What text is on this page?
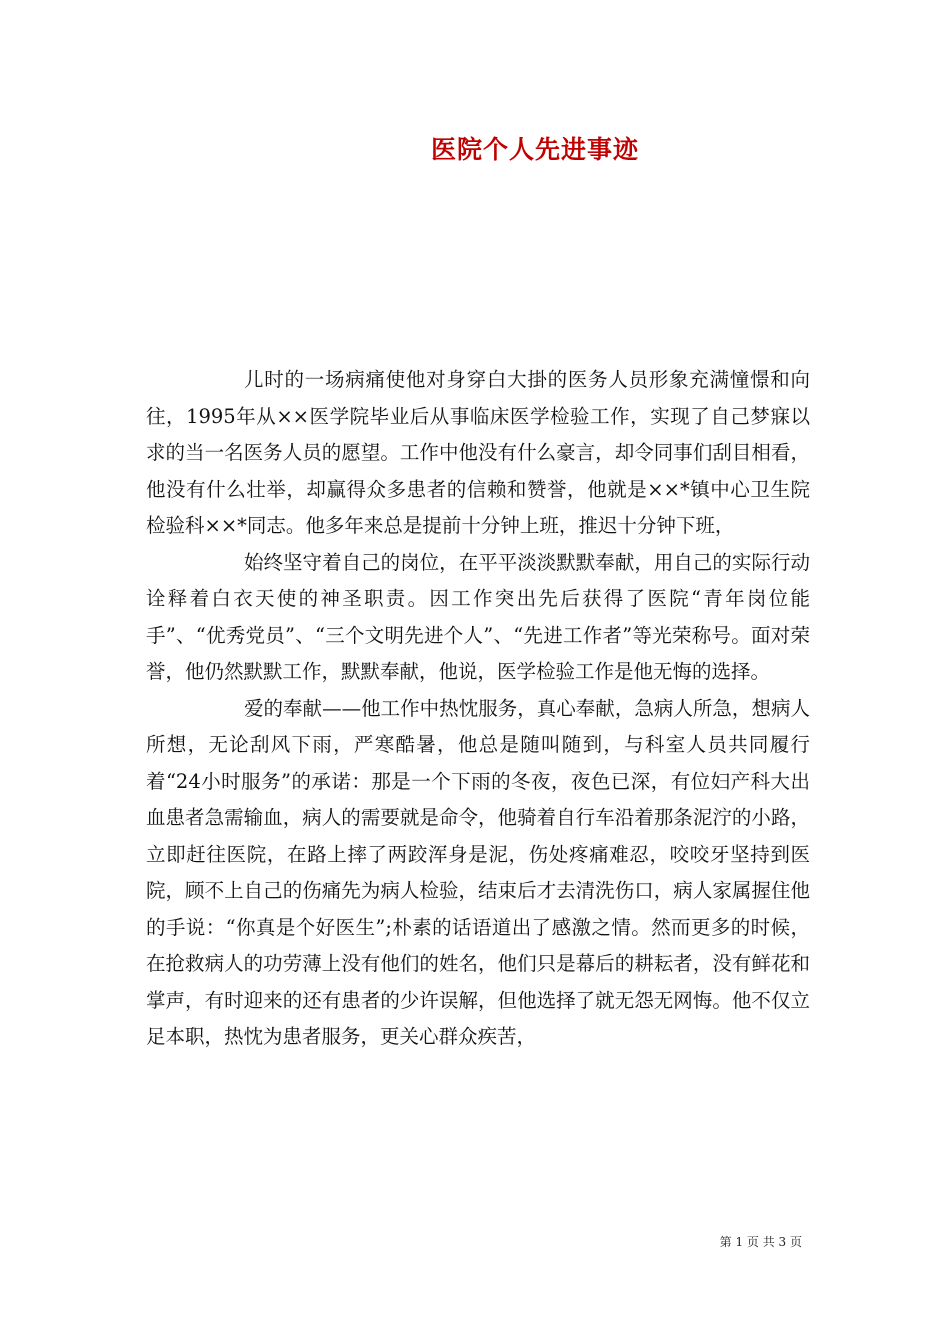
医院个人先进事迹

儿时的一场病痛使他对身穿白大掛的医务人员形象充满憧憬和向往，1995年从××医学院毕业后从事临床医学检验工作，实现了自己梦寐以求的当一名医务人员的愿望。工作中他没有什么豪言，却令同事们刮目相看，他没有什么壮举，却赢得众多患者的信赖和赞誉，他就是××*镇中心卫生院检验科××*同志。他多年来总是提前十分钟上班，推迟十分钟下班，

始终坚守着自己的岗位，在平平淡淡默默奉献，用自己的实际行动诠释着白衣天使的神圣职责。因工作突出先后获得了医院“青年岗位能手”、“优秀党员”、“三个文明先进个人”、“先进工作者”等光荣称号。面对荣誉，他仍然默默工作，默默奉献，他说，医学检验工作是他无悔的选择。

爱的奉献——他工作中热忱服务，真心奉献，急病人所急，想病人所想，无论刮风下雨，严寒酷暑，他总是随叫随到，与科室人员共同履行着“24小时服务”的承诺：那是一个下雨的冬夜，夜色已深，有位妇产科大出血患者急需输血，病人的需要就是命令，他骑着自行车沿着那条泥泞的小路，立即赶往医院，在路上摔了两跤浑身是泥，伤处疼痛难忍，咬咬牙坚持到医院，顾不上自己的伤痛先为病人检验，结束后才去清洗伤口，病人家属握住他的手说：“你真是个好医生”;朴素的话语道出了感激之情。然而更多的时候，在抢救病人的功劳薄上没有他们的姓名，他们只是幕后的耕耘者，没有鲜花和掌声，有时迎来的还有患者的少许误解，但他选择了就无怨无网悔。他不仅立足本职，热忱为患者服务，更关心群众疾苦，

第 1 页 共 3 页
